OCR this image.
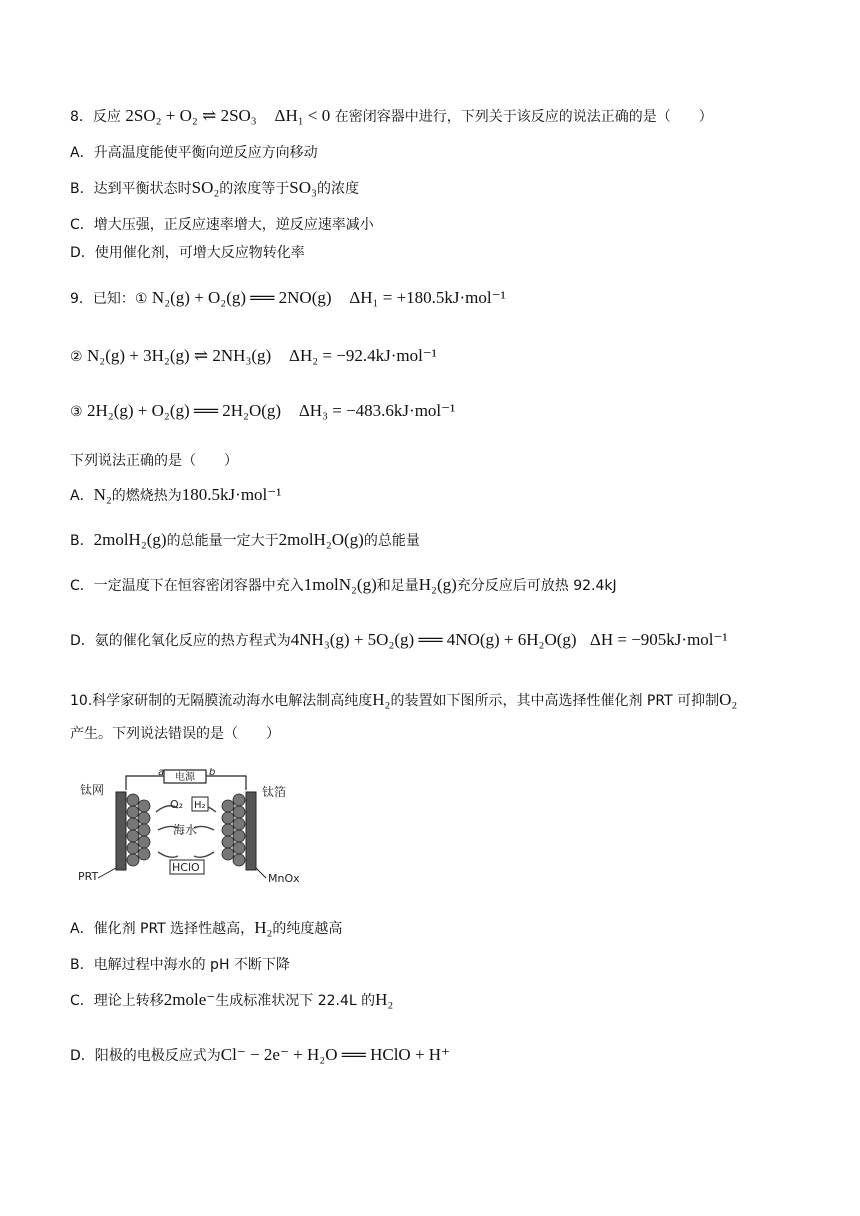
8．反应 2SO₂ + O₂ ⇌ 2SO₃ ΔH₁ < 0 在密闭容器中进行，下列关于该反应的说法正确的是（　　）
A．升高温度能使平衡向逆反应方向移动
B．达到平衡状态时SO₂的浓度等于SO₃的浓度
C．增大压强，正反应速率增大，逆反应速率减小
D．使用催化剂，可增大反应物转化率
9．已知：① N₂(g) + O₂(g) ══ 2NO(g) ΔH₁ = +180.5kJ·mol⁻¹
② N₂(g) + 3H₂(g) ⇌ 2NH₃(g) ΔH₂ = −92.4kJ·mol⁻¹
③ 2H₂(g) + O₂(g) ══ 2H₂O(g) ΔH₃ = −483.6kJ·mol⁻¹
下列说法正确的是（　　）
A．N₂的燃烧热为180.5kJ·mol⁻¹
B．2molH₂(g)的总能量一定大于2molH₂O(g)的总能量
C．一定温度下在恒容密闭容器中充入1molN₂(g)和足量H₂(g)充分反应后可放热 92.4kJ
D．氨的催化氧化反应的热方程式为4NH₃(g) + 5O₂(g) ══ 4NO(g) + 6H₂O(g) ΔH = −905kJ·mol⁻¹
10.科学家研制的无隔膜流动海水电解法制高纯度H₂的装置如下图所示，其中高选择性催化剂 PRT 可抑制O₂
产生。下列说法错误的是（　　）
电源
a	b
钛网	钛箔
O₂ H₂
海水
HClO
PRT	MnOx
A．催化剂 PRT 选择性越高，H₂的纯度越高
B．电解过程中海水的 pH 不断下降
C．理论上转移2mole⁻生成标准状况下 22.4L 的H₂
D．阳极的电极反应式为Cl⁻ − 2e⁻ + H₂O ══ HClO + H⁺
